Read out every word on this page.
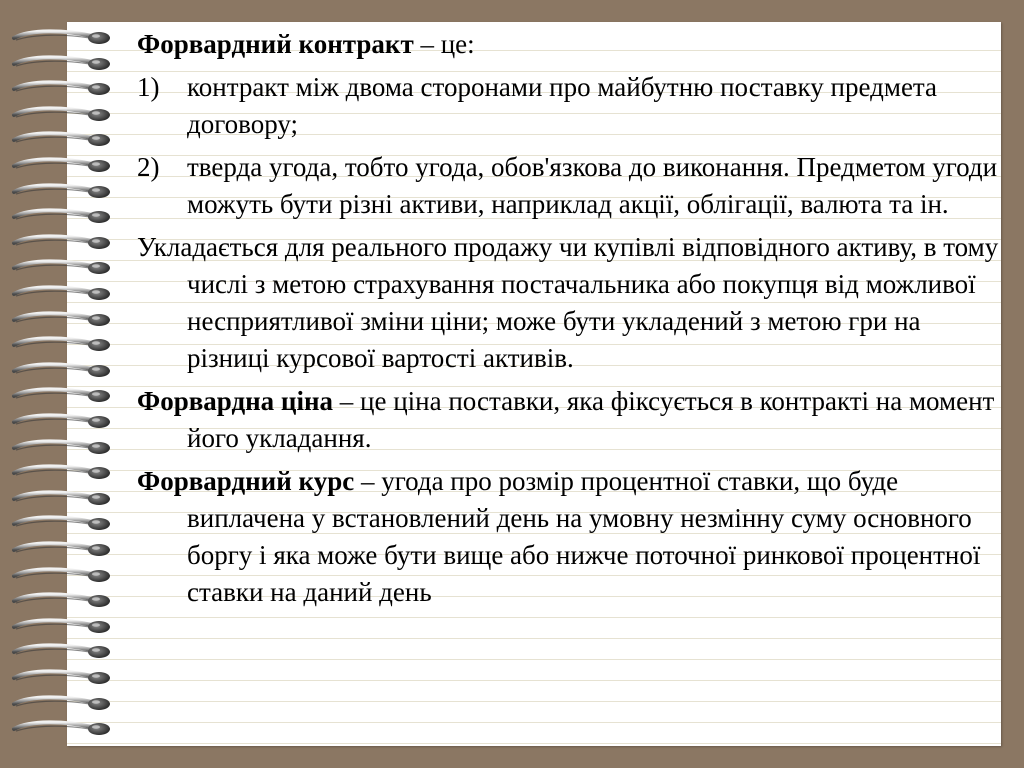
Форвардний контракт – це:

1) контракт між двома сторонами про майбутню поставку предмета договору;
2) тверда угода, тобто угода, обов'язкова до виконання. Предметом угоди можуть бути різні активи, наприклад акції, облігації, валюта та ін.

Укладається для реального продажу чи купівлі відповідного активу, в тому числі з метою страхування постачальника або покупця від можливої несприятливої зміни ціни; може бути укладений з метою гри на різниці курсової вартості активів.

Форвардна ціна – це ціна поставки, яка фіксується в контракті на момент його укладання.

Форвардний курс – угода про розмір процентної ставки, що буде виплачена у встановлений день на умовну незмінну суму основного боргу і яка може бути вище або нижче поточної ринкової процентної ставки на даний день
